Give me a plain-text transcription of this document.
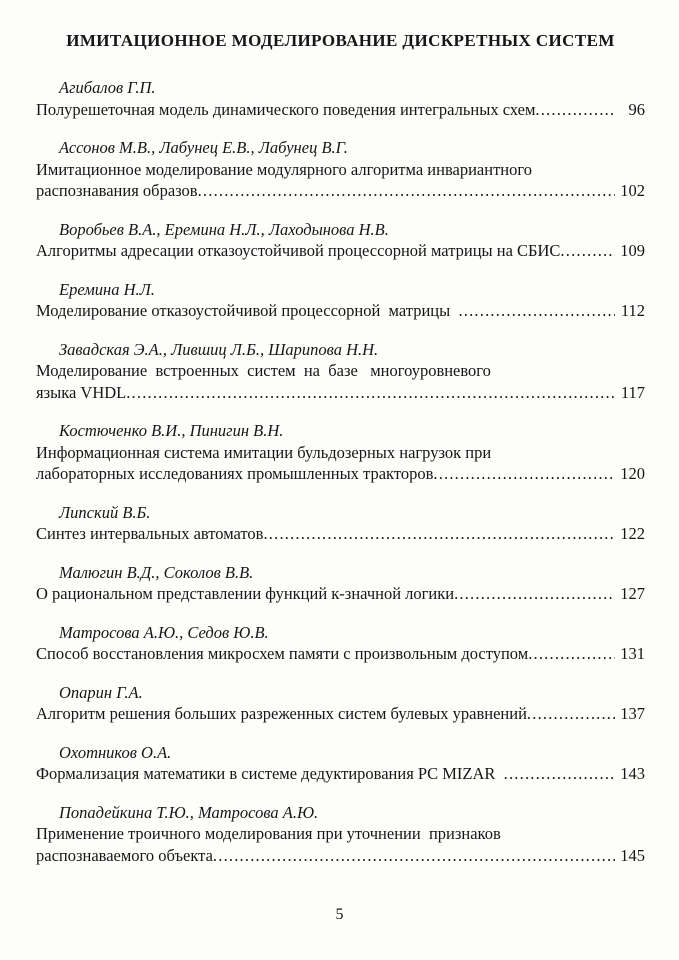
ИМИТАЦИОННОЕ МОДЕЛИРОВАНИЕ ДИСКРЕТНЫХ СИСТЕМ
Агибалов Г.П.
Полурешеточная модель динамического поведения интегральных схем .....	96
Ассонов М.В., Лабунец Е.В., Лабунец В.Г.
Имитационное моделирование модулярного алгоритма инвариантного
распознавания образов .....	102
Воробьев В.А., Еремина Н.Л., Лаходынова Н.В.
Алгоритмы адресации отказоустойчивой процессорной матрицы на СБИС .....	109
Еремина Н.Л.
Моделирование отказоустойчивой процессорной  матрицы .....	112
Завадская Э.А., Лившиц Л.Б., Шарипова Н.Н.
Моделирование  встроенных  систем  на  базе   многоуровневого
языка VHDL .....	117
Костюченко В.И., Пинигин В.Н.
Информационная система имитации бульдозерных нагрузок при
лабораторных исследованиях промышленных тракторов .....	120
Липский В.Б.
Синтез интервальных автоматов .....	122
Малюгин В.Д., Соколов В.В.
О рациональном представлении функций к-значной логики .....	127
Матросова А.Ю., Седов Ю.В.
Способ восстановления микросхем памяти с произвольным доступом .....	131
Опарин Г.А.
Алгоритм решения больших разреженных систем булевых уравнений .....	137
Охотников О.А.
Формализация математики в системе дедуктирования PC MIZAR .....	143
Попадейкина Т.Ю., Матросова А.Ю.
Применение троичного моделирования при уточнении  признаков
распознаваемого объекта .....	145
5
